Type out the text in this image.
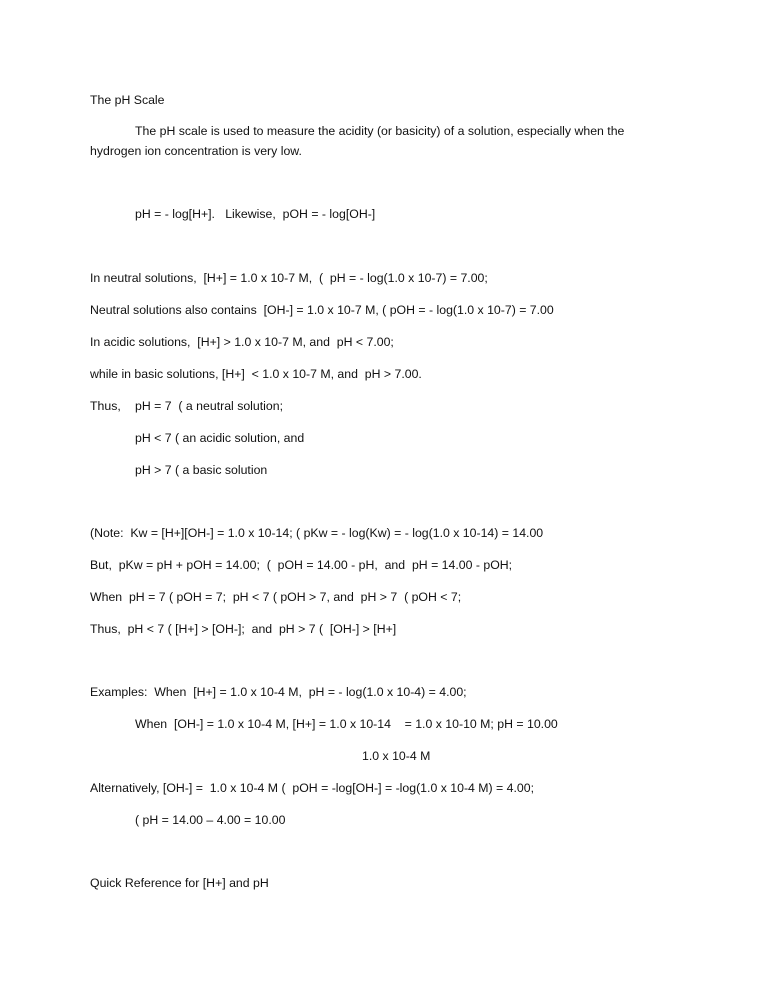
The pH Scale
The pH scale is used to measure the acidity (or basicity) of a solution, especially when the
hydrogen ion concentration is very low.
pH = - log[H+].   Likewise,  pOH = - log[OH-]
In neutral solutions,  [H+] = 1.0 x 10-7 M,  (  pH = - log(1.0 x 10-7) = 7.00;
Neutral solutions also contains  [OH-] = 1.0 x 10-7 M, ( pOH = - log(1.0 x 10-7) = 7.00
In acidic solutions,  [H+] > 1.0 x 10-7 M, and  pH < 7.00;
while in basic solutions, [H+]  < 1.0 x 10-7 M, and  pH > 7.00.
Thus, pH = 7  ( a neutral solution;
pH < 7 ( an acidic solution, and
pH > 7 ( a basic solution
(Note:  Kw = [H+][OH-] = 1.0 x 10-14; ( pKw = - log(Kw) = - log(1.0 x 10-14) = 14.00
But,  pKw = pH + pOH = 14.00;  (  pOH = 14.00 - pH,  and  pH = 14.00 - pOH;
When  pH = 7 ( pOH = 7;  pH < 7 ( pOH > 7, and  pH > 7  ( pOH < 7;
Thus,  pH < 7 ( [H+] > [OH-];  and  pH > 7 (  [OH-] > [H+]
Examples:  When  [H+] = 1.0 x 10-4 M,  pH = - log(1.0 x 10-4) = 4.00;
When  [OH-] = 1.0 x 10-4 M, [H+] = 1.0 x 10-14    = 1.0 x 10-10 M; pH = 10.00
1.0 x 10-4 M
Alternatively, [OH-] =  1.0 x 10-4 M (  pOH = -log[OH-] = -log(1.0 x 10-4 M) = 4.00;
( pH = 14.00 – 4.00 = 10.00
Quick Reference for [H+] and pH
